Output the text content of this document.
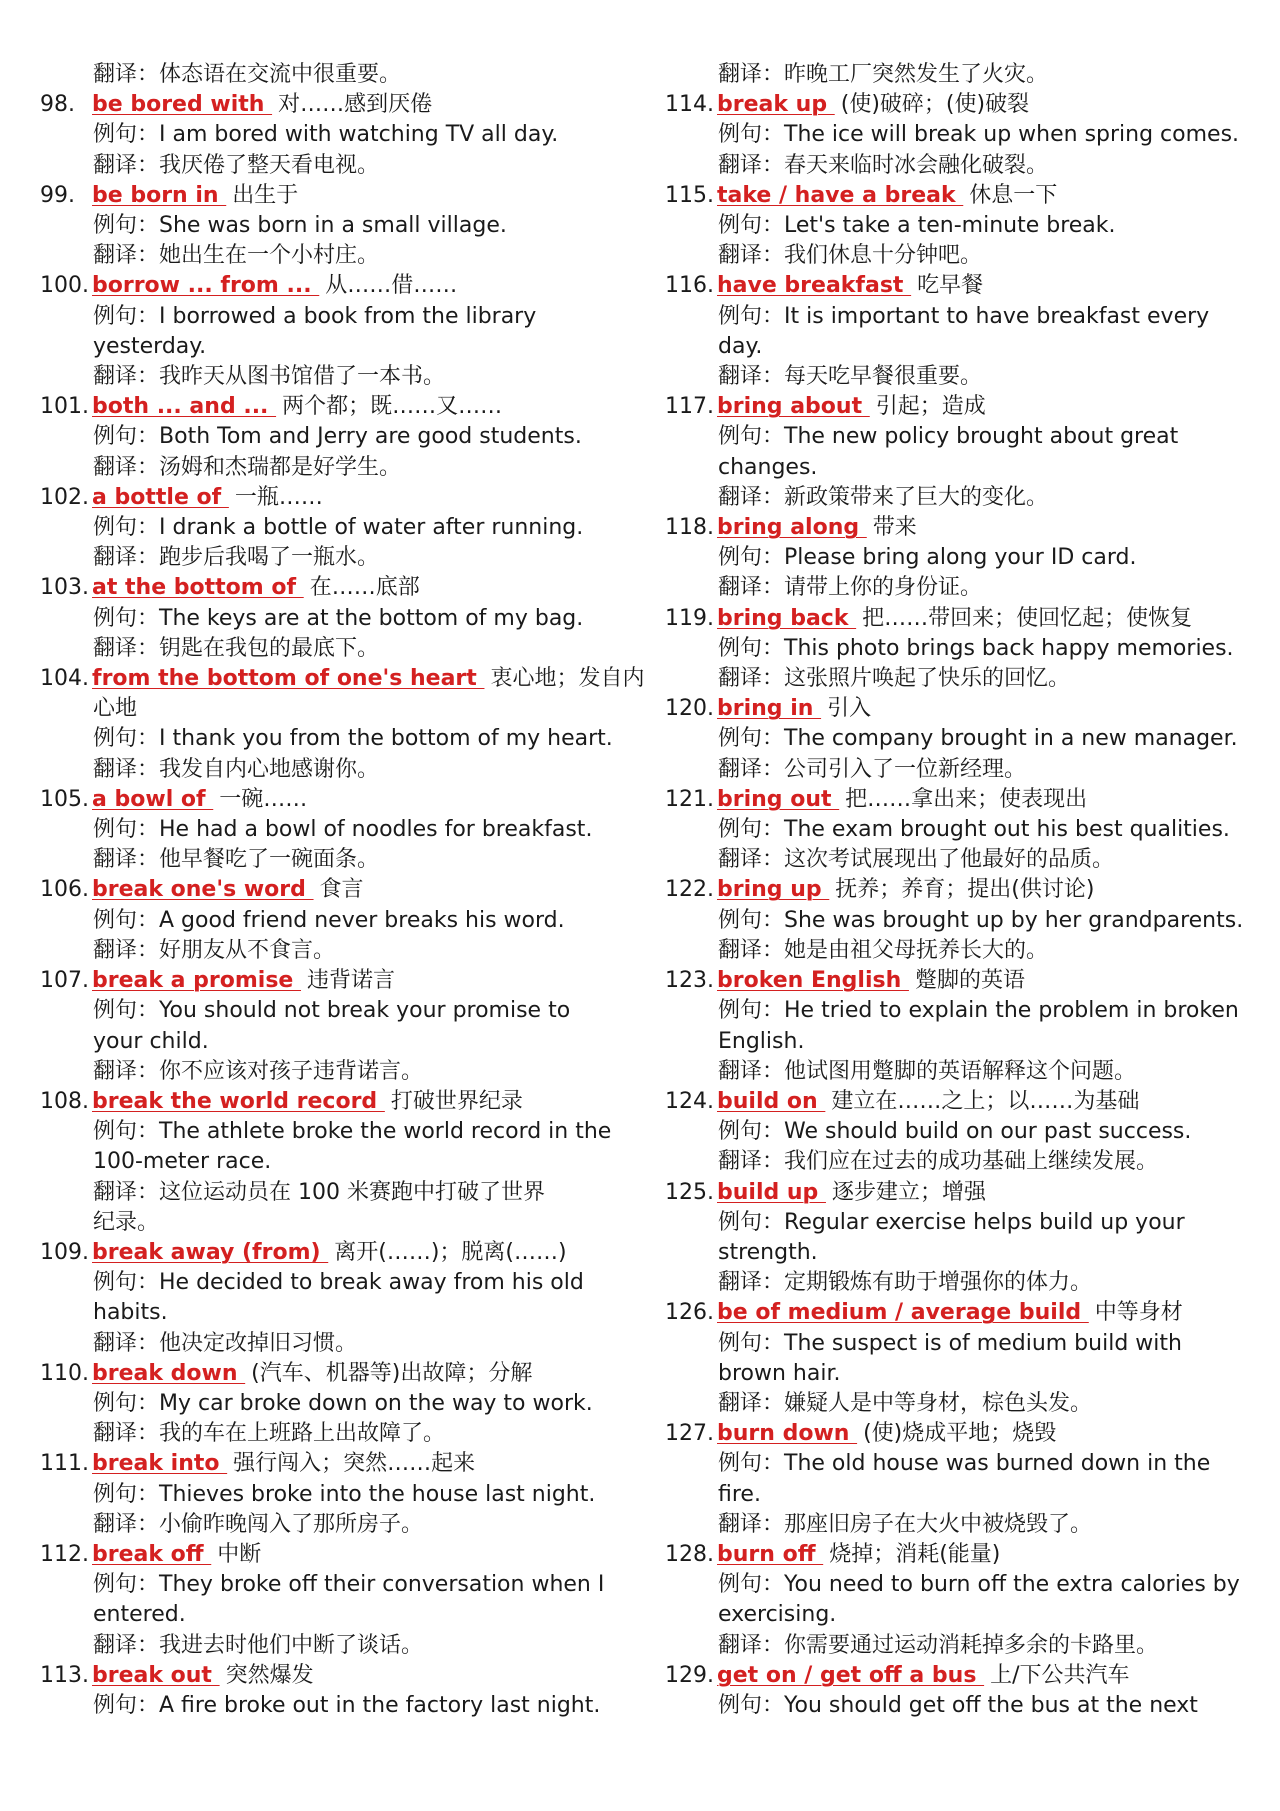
翻译：体态语在交流中很重要。
98. be bored with 对……感到厌倦
例句：I am bored with watching TV all day.
翻译：我厌倦了整天看电视。
99. be born in 出生于
例句：She was born in a small village.
翻译：她出生在一个小村庄。
100. borrow ... from ... 从……借……
例句：I borrowed a book from the library
yesterday.
翻译：我昨天从图书馆借了一本书。
101. both ... and ... 两个都；既……又……
例句：Both Tom and Jerry are good students.
翻译：汤姆和杰瑞都是好学生。
102. a bottle of 一瓶……
例句：I drank a bottle of water after running.
翻译：跑步后我喝了一瓶水。
103. at the bottom of 在……底部
例句：The keys are at the bottom of my bag.
翻译：钥匙在我包的最底下。
104. from the bottom of one's heart 衷心地；发自内
心地
例句：I thank you from the bottom of my heart.
翻译：我发自内心地感谢你。
105. a bowl of 一碗……
例句：He had a bowl of noodles for breakfast.
翻译：他早餐吃了一碗面条。
106. break one's word 食言
例句：A good friend never breaks his word.
翻译：好朋友从不食言。
107. break a promise 违背诺言
例句：You should not break your promise to
your child.
翻译：你不应该对孩子违背诺言。
108. break the world record 打破世界纪录
例句：The athlete broke the world record in the
100-meter race.
翻译：这位运动员在 100 米赛跑中打破了世界
纪录。
109. break away (from) 离开(……)；脱离(……)
例句：He decided to break away from his old
habits.
翻译：他决定改掉旧习惯。
110. break down (汽车、机器等)出故障；分解
例句：My car broke down on the way to work.
翻译：我的车在上班路上出故障了。
111. break into 强行闯入；突然……起来
例句：Thieves broke into the house last night.
翻译：小偷昨晚闯入了那所房子。
112. break off 中断
例句：They broke off their conversation when I
entered.
翻译：我进去时他们中断了谈话。
113. break out 突然爆发
例句：A fire broke out in the factory last night.
翻译：昨晚工厂突然发生了火灾。
114. break up (使)破碎；(使)破裂
例句：The ice will break up when spring comes.
翻译：春天来临时冰会融化破裂。
115. take / have a break 休息一下
例句：Let's take a ten-minute break.
翻译：我们休息十分钟吧。
116. have breakfast 吃早餐
例句：It is important to have breakfast every
day.
翻译：每天吃早餐很重要。
117. bring about 引起；造成
例句：The new policy brought about great
changes.
翻译：新政策带来了巨大的变化。
118. bring along 带来
例句：Please bring along your ID card.
翻译：请带上你的身份证。
119. bring back 把……带回来；使回忆起；使恢复
例句：This photo brings back happy memories.
翻译：这张照片唤起了快乐的回忆。
120. bring in 引入
例句：The company brought in a new manager.
翻译：公司引入了一位新经理。
121. bring out 把……拿出来；使表现出
例句：The exam brought out his best qualities.
翻译：这次考试展现出了他最好的品质。
122. bring up 抚养；养育；提出(供讨论)
例句：She was brought up by her grandparents.
翻译：她是由祖父母抚养长大的。
123. broken English 蹩脚的英语
例句：He tried to explain the problem in broken
English.
翻译：他试图用蹩脚的英语解释这个问题。
124. build on 建立在……之上；以……为基础
例句：We should build on our past success.
翻译：我们应在过去的成功基础上继续发展。
125. build up 逐步建立；增强
例句：Regular exercise helps build up your
strength.
翻译：定期锻炼有助于增强你的体力。
126. be of medium / average build 中等身材
例句：The suspect is of medium build with
brown hair.
翻译：嫌疑人是中等身材，棕色头发。
127. burn down (使)烧成平地；烧毁
例句：The old house was burned down in the
fire.
翻译：那座旧房子在大火中被烧毁了。
128. burn off 烧掉；消耗(能量)
例句：You need to burn off the extra calories by
exercising.
翻译：你需要通过运动消耗掉多余的卡路里。
129. get on / get off a bus 上/下公共汽车
例句：You should get off the bus at the next
